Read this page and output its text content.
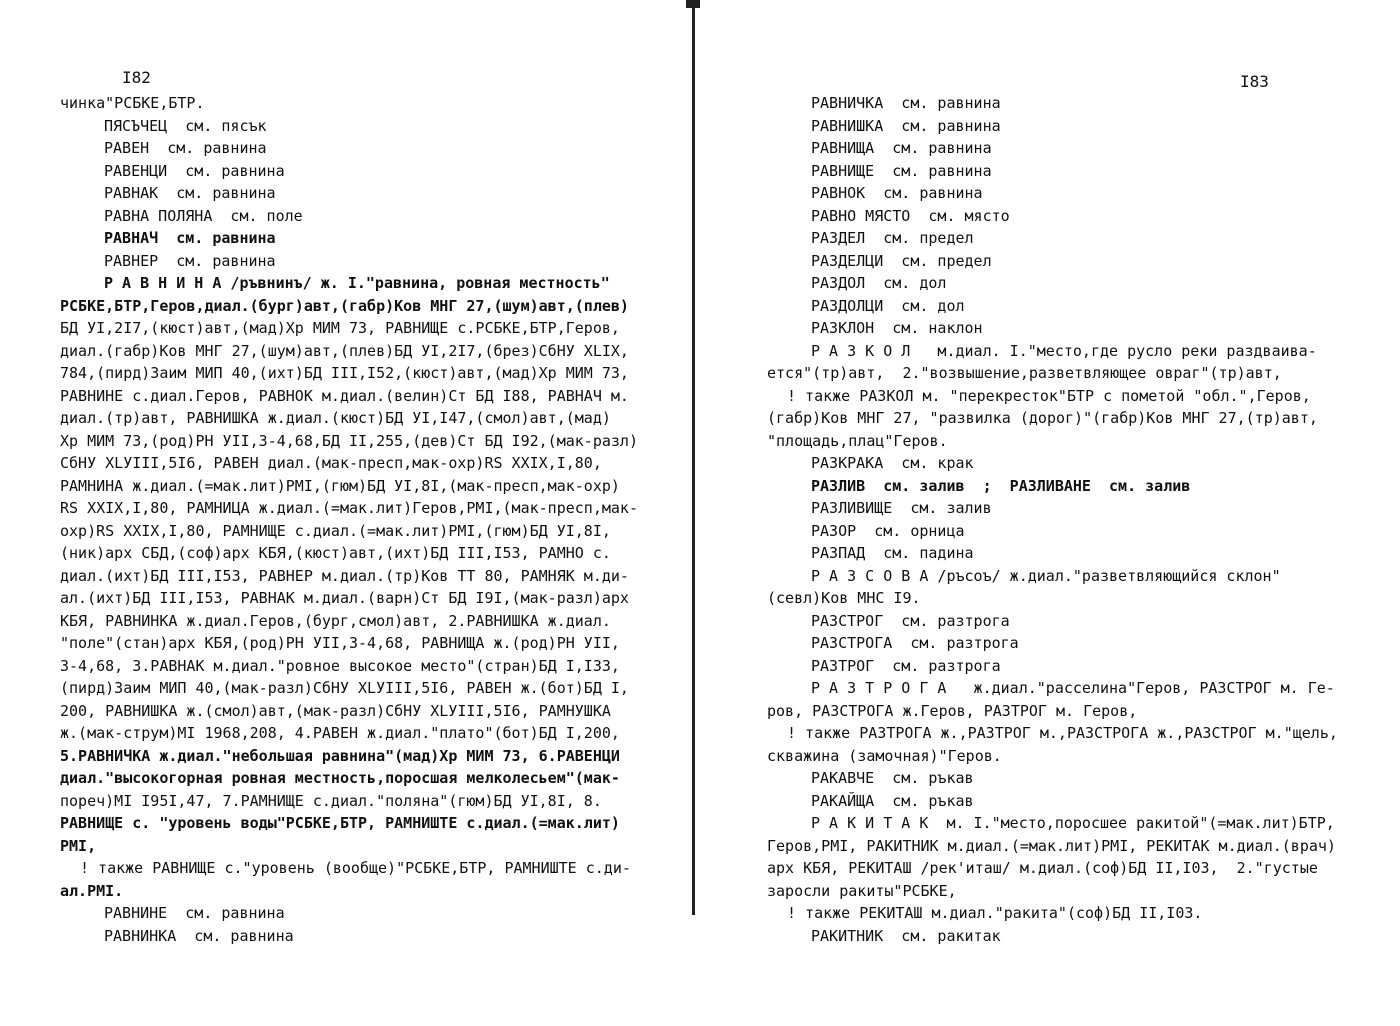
I82

чинка"РСБКЕ,БТР.
ПЯСЪЧЕЦ  см. пясък
РАВЕН  см. равнина
РАВЕНЦИ  см. равнина
РАВНАК  см. равнина
РАВНА ПОЛЯНА  см. поле
РАВНАЧ  см. равнина
РАВНЕР  см. равнина
Р А В Н И Н А /ръвнинъ/ ж. I."равнина, ровная местность"
РСБКЕ,БТР,Геров,диал.(бург)авт,(габр)Ков МНГ 27,(шум)авт,(плев)
БД УI,2I7,(кюст)авт,(мад)Хр МИМ 73, РАВНИЩЕ с.РСБКЕ,БТР,Геров,
диал.(габр)Ков МНГ 27,(шум)авт,(плев)БД УI,2I7,(брез)СбНУ XLIX,
784,(пирд)Заим МИП 40,(ихт)БД III,I52,(кюст)авт,(мад)Хр МИМ 73,
РАВНИНЕ с.диал.Геров, РАВНОК м.диал.(велин)Ст БД I88, РАВНАЧ м.
диал.(тр)авт, РАВНИШКА ж.диал.(кюст)БД УI,I47,(смол)авт,(мад)
Хр МИМ 73,(род)РН УII,3-4,68,БД II,255,(дев)Ст БД I92,(мак-разл)
СбНУ XLУIII,5I6, РАВЕН диал.(мак-пресп,мак-охр)RS XXIX,I,80,
РАМНИНА ж.диал.(=мак.лит)РМI,(гюм)БД УI,8I,(мак-пресп,мак-охр)
RS XXIX,I,80, РАМНИЦА ж.диал.(=мак.лит)Геров,РМI,(мак-пресп,мак-
охр)RS XXIX,I,80, РАМНИЩЕ с.диал.(=мак.лит)РМI,(гюм)БД УI,8I,
(ник)арх СБД,(соф)арх КБЯ,(кюст)авт,(ихт)БД III,I53, РАМНО с.
диал.(ихт)БД III,I53, РАВНЕР м.диал.(тр)Ков ТТ 80, РАМНЯК м.ди-
ал.(ихт)БД III,I53, РАВНАК м.диал.(варн)Ст БД I9I,(мак-разл)арх
КБЯ, РАВНИНКА ж.диал.Геров,(бург,смол)авт, 2.РАВНИШКА ж.диал.
"поле"(стан)арх КБЯ,(род)РН УII,3-4,68, РАВНИЩА ж.(род)РН УII,
3-4,68, 3.РАВНАК м.диал."ровное высокое место"(стран)БД I,I33,
(пирд)Заим МИП 40,(мак-разл)СбНУ XLУIII,5I6, РАВЕН ж.(бот)БД I,
200, РАВНИШКА ж.(смол)авт,(мак-разл)СбНУ XLУIII,5I6, РАМНУШКА
ж.(мак-струм)МI 1968,208, 4.РАВЕН ж.диал."плато"(бот)БД I,200,
5.РАВНИЧКА ж.диал."небольшая равнина"(мад)Хр МИМ 73, 6.РАВЕНЦИ
диал."высокогорная ровная местность,поросшая мелколесьем"(мак-
пореч)МI I95I,47, 7.РАМНИЩЕ с.диал."поляна"(гюм)БД УI,8I, 8.
РАВНИЩЕ с. "уровень воды"РСБКЕ,БТР, РАМНИШТЕ с.диал.(=мак.лит)
РМI,
! также РАВНИЩЕ с."уровень (вообще)"РСБКЕ,БТР, РАМНИШТЕ с.ди-
ал.РМI.
РАВНИНЕ  см. равнина
РАВНИНКА  см. равнина

I83

РАВНИЧКА  см. равнина
РАВНИШКА  см. равнина
РАВНИЩА  см. равнина
РАВНИЩЕ  см. равнина
РАВНОК  см. равнина
РАВНО МЯСТО  см. място
РАЗДЕЛ  см. предел
РАЗДЕЛЦИ  см. предел
РАЗДОЛ  см. дол
РАЗДОЛЦИ  см. дол
РАЗКЛОН  см. наклон
Р А З К О Л   м.диал. I."место,где русло реки раздваива-
ется"(тр)авт,  2."возвышение,разветвляющее овраг"(тр)авт,
! также РАЗКОЛ м. "перекресток"БТР с пометой "обл.",Геров,
(габр)Ков МНГ 27, "развилка (дорог)"(габр)Ков МНГ 27,(тр)авт,
"площадь,плац"Геров.
РАЗКРАКА  см. крак
РАЗЛИВ  см. залив  ;  РАЗЛИВАНЕ  см. залив
РАЗЛИВИЩЕ  см. залив
РАЗОР  см. орница
РАЗПАД  см. падина
Р А З С О В А /ръсоъ/ ж.диал."разветвляющийся склон"
(севл)Ков МНС I9.
РАЗСТРОГ  см. разтрога
РАЗСТРОГА  см. разтрога
РАЗТРОГ  см. разтрога
Р А З Т Р О Г А   ж.диал."расселина"Геров, РАЗСТРОГ м. Ге-
ров, РАЗСТРОГА ж.Геров, РАЗТРОГ м. Геров,
! также РАЗТРОГА ж.,РАЗТРОГ м.,РАЗСТРОГА ж.,РАЗСТРОГ м."щель,
скважина (замочная)"Геров.
РАКАВЧЕ  см. ръкав
РАКАЙЩА  см. ръкав
Р А К И Т А К  м. I."место,поросшее ракитой"(=мак.лит)БТР,
Геров,РМI, РАКИТНИК м.диал.(=мак.лит)РМI, РЕКИТАК м.диал.(врач)
арх КБЯ, РЕКИТАШ /рек'иташ/ м.диал.(соф)БД II,I03,  2."густые
заросли ракиты"РСБКЕ,
! также РЕКИТАШ м.диал."ракита"(соф)БД II,I03.
РАКИТНИК  см. ракитак
